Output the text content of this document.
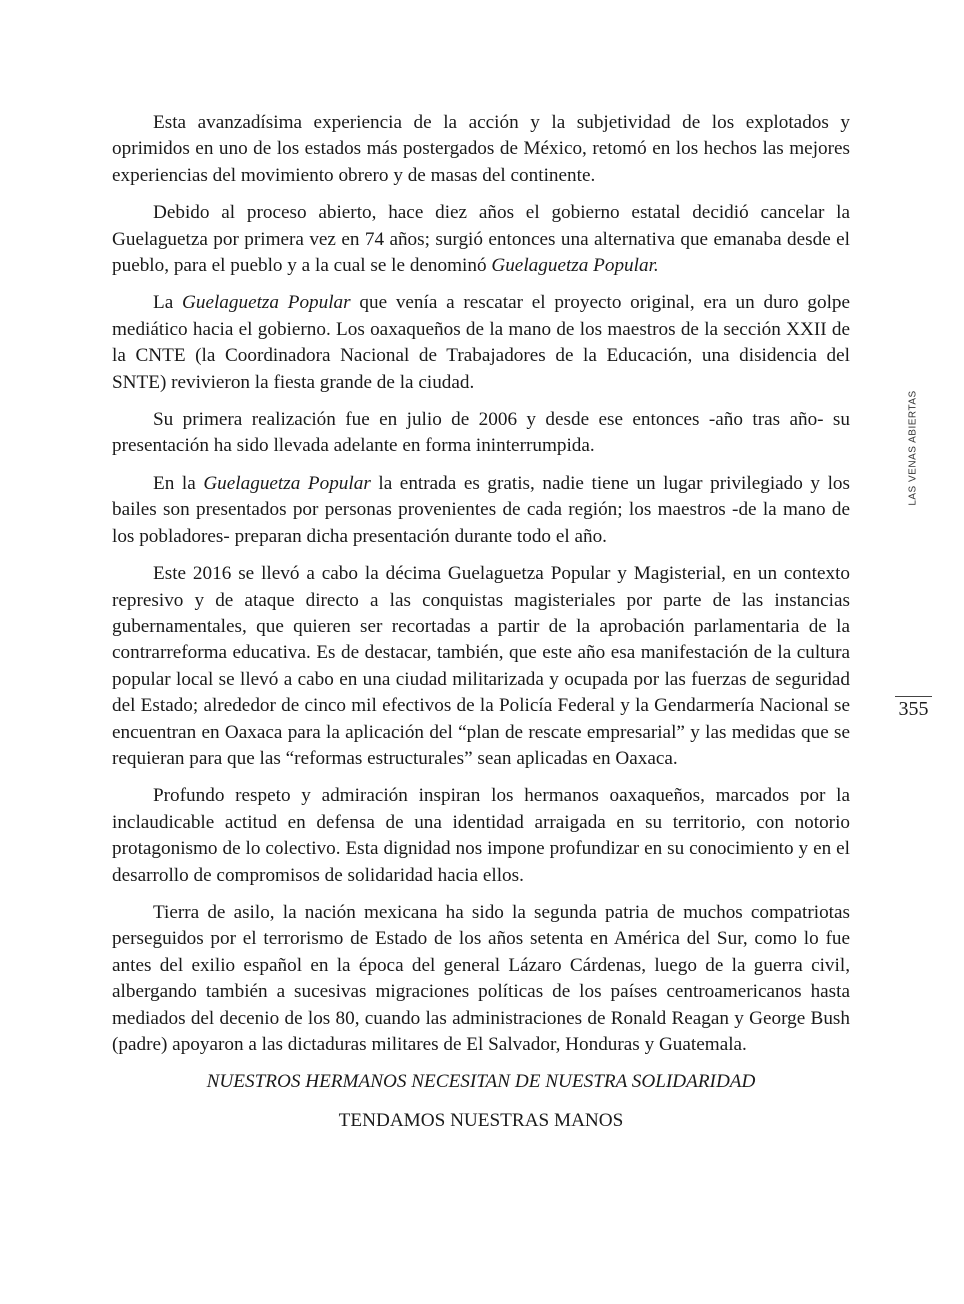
Esta avanzadísima experiencia de la acción y la subjetividad de los explotados y oprimidos en uno de los estados más postergados de México, retomó en los hechos las mejores experiencias del movimiento obrero y de masas del continente.

Debido al proceso abierto, hace diez años el gobierno estatal decidió cancelar la Guelaguetza por primera vez en 74 años; surgió entonces una alternativa que emanaba desde el pueblo, para el pueblo y a la cual se le denominó Guelaguetza Popular.

La Guelaguetza Popular que venía a rescatar el proyecto original, era un duro golpe mediático hacia el gobierno. Los oaxaqueños de la mano de los maestros de la sección XXII de la CNTE (la Coordinadora Nacional de Trabajadores de la Educación, una disidencia del SNTE) revivieron la fiesta grande de la ciudad.

Su primera realización fue en julio de 2006 y desde ese entonces -año tras año- su presentación ha sido llevada adelante en forma ininterrumpida.

En la Guelaguetza Popular la entrada es gratis, nadie tiene un lugar privilegiado y los bailes son presentados por personas provenientes de cada región; los maestros -de la mano de los pobladores- preparan dicha presentación durante todo el año.

Este 2016 se llevó a cabo la décima Guelaguetza Popular y Magisterial, en un contexto represivo y de ataque directo a las conquistas magisteriales por parte de las instancias gubernamentales, que quieren ser recortadas a partir de la aprobación parlamentaria de la contrarreforma educativa. Es de destacar, también, que este año esa manifestación de la cultura popular local se llevó a cabo en una ciudad militarizada y ocupada por las fuerzas de seguridad del Estado; alrededor de cinco mil efectivos de la Policía Federal y la Gendarmería Nacional se encuentran en Oaxaca para la aplicación del “plan de rescate empresarial” y las medidas que se requieran para que las “reformas estructurales” sean aplicadas en Oaxaca.

Profundo respeto y admiración inspiran los hermanos oaxaqueños, marcados por la inclaudicable actitud en defensa de una identidad arraigada en su territorio, con notorio protagonismo de lo colectivo. Esta dignidad nos impone profundizar en su conocimiento y en el desarrollo de compromisos de solidaridad hacia ellos.

Tierra de asilo, la nación mexicana ha sido la segunda patria de muchos compatriotas perseguidos por el terrorismo de Estado de los años setenta en América del Sur, como lo fue antes del exilio español en la época del general Lázaro Cárdenas, luego de la guerra civil, albergando también a sucesivas migraciones políticas de los países centroamericanos hasta mediados del decenio de los 80, cuando las administraciones de Ronald Reagan y George Bush (padre) apoyaron a las dictaduras militares de El Salvador, Honduras y Guatemala.

NUESTROS HERMANOS NECESITAN DE NUESTRA SOLIDARIDAD

TENDAMOS NUESTRAS MANOS

LAS VENAS ABIERTAS
355
